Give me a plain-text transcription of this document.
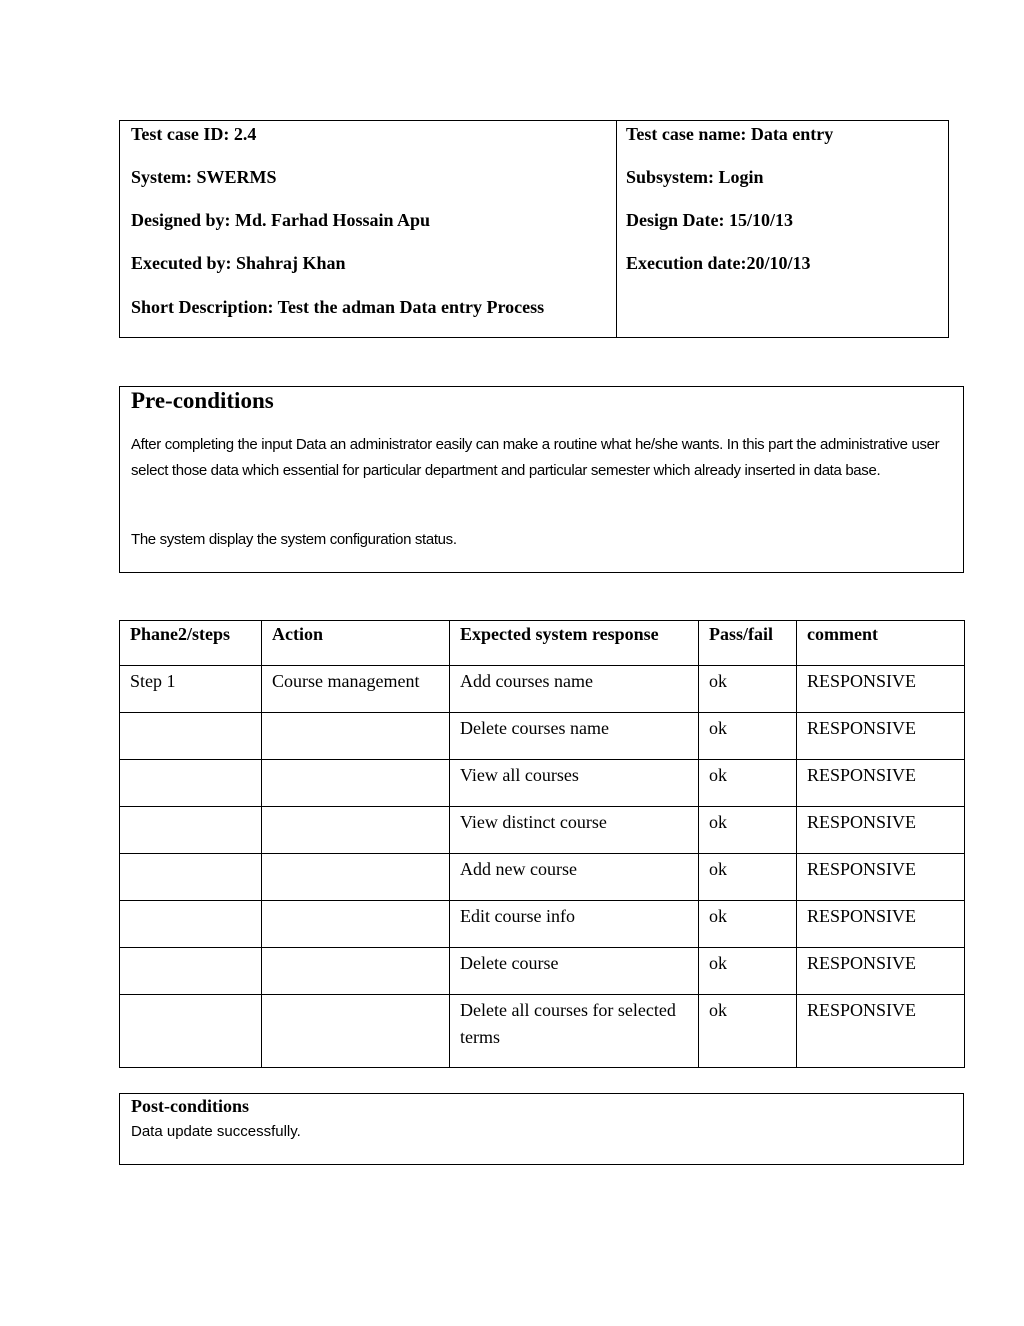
Test case ID: 2.4
System: SWERMS
Designed by: Md. Farhad Hossain Apu
Executed by: Shahraj Khan
Short Description: Test the adman Data entry Process
Test case name: Data entry
Subsystem: Login
Design Date: 15/10/13
Execution date:20/10/13
Pre-conditions
After completing the input Data an administrator easily can make a routine what he/she wants. In this part the administrative user select those data which essential for particular department and particular semester which already inserted in data base.
The system display the system configuration status.
Phane2/steps	Action	Expected system response	Pass/fail	comment
Step 1	Course management	Add courses name	ok	RESPONSIVE
		Delete courses name	ok	RESPONSIVE
		View all courses	ok	RESPONSIVE
		View distinct course	ok	RESPONSIVE
		Add new course	ok	RESPONSIVE
		Edit course info	ok	RESPONSIVE
		Delete course	ok	RESPONSIVE
		Delete all courses for selected terms	ok	RESPONSIVE
Post-conditions
Data update successfully.
